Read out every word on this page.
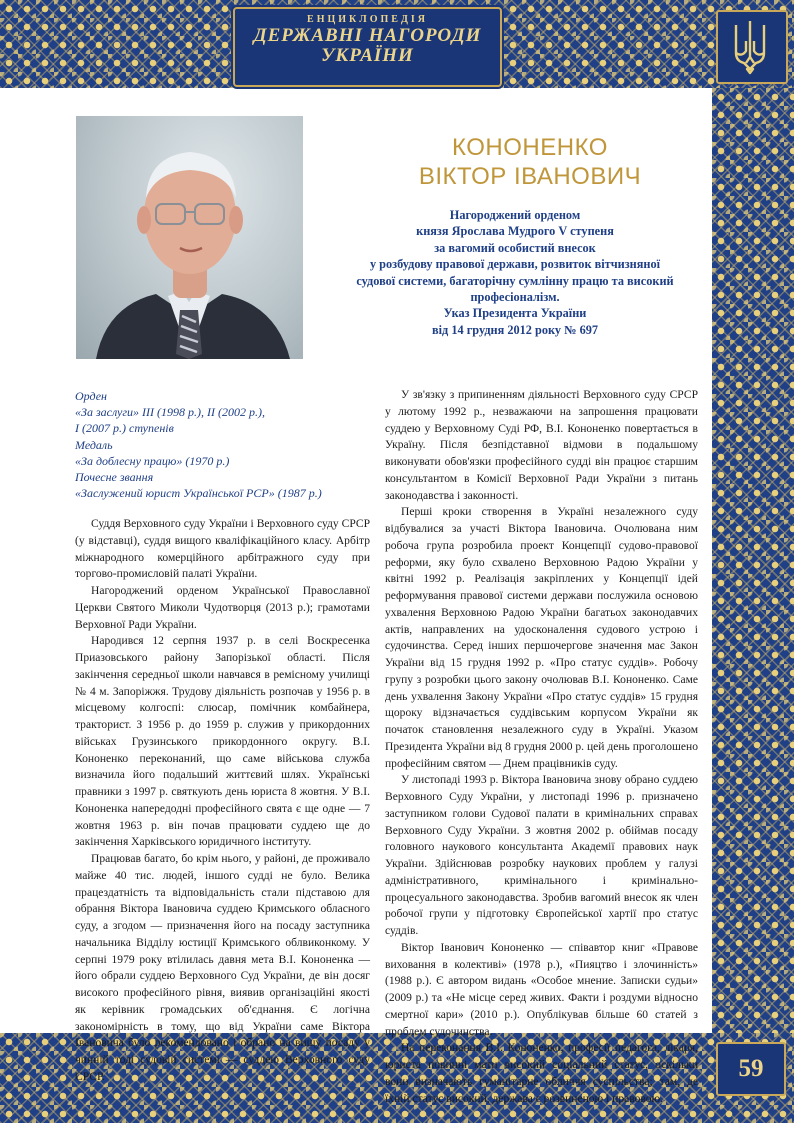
ЕНЦИКЛОПЕДІЯ
ДЕРЖАВНІ НАГОРОДИ
УКРАЇНИ
КОНОНЕНКО
ВІКТОР ІВАНОВИЧ
Нагороджений орденом
князя Ярослава Мудрого V ступеня
за вагомий особистий внесок
у розбудову правової держави, розвиток вітчизняної
судової системи, багаторічну сумлінну працю та високий
професіоналізм.
Указ Президента України
від 14 грудня 2012 року № 697
Орден
«За заслуги» III (1998 р.), II (2002 р.),
I (2007 р.) ступенів
Медаль
«За доблесну працю» (1970 р.)
Почесне звання
«Заслужений юрист Української РСР» (1987 р.)

Суддя Верховного суду України і Верховного суду СРСР (у відставці), суддя вищого кваліфікаційного класу. Арбітр міжнародного комерційного арбітражного суду при торгово-промисловій палаті України.

Нагороджений орденом Української Православної Церкви Святого Миколи Чудотворця (2013 р.); грамотами Верховної Ради України.

Народився 12 серпня 1937 р. в селі Воскресенка Приазовського району Запорізької області. Після закінчення середньої школи навчався в ремісному училищі № 4 м. Запоріжжя. Трудову діяльність розпочав у 1956 р. в місцевому колгоспі: слюсар, помічник комбайнера, тракторист. З 1956 р. до 1959 р. служив у прикордонних військах Грузинського прикордонного округу. В.І. Кононенко переконаний, що саме військова служба визначила його подальший життєвий шлях. Українські правники з 1997 р. святкують день юриста 8 жовтня. У В.І. Кононенка напередодні професійного свята є ще одне — 7 жовтня 1963 р. він почав працювати суддею ще до закінчення Харківського юридичного інституту.

Працював багато, бо крім нього, у районі, де проживало майже 40 тис. людей, іншого судді не було. Велика працездатність та відповідальність стали підставою для обрання Віктора Івановича суддею Кримського обласного суду, а згодом — призначення його на посаду заступника начальника Відділу юстиції Кримського облвиконкому. У серпні 1979 року втілилась давня мета В.І. Кононенка — його обрали суддею Верховного Суд України, де він досяг високого професійного рівня, виявив організаційні якості як керівник громадських об'єднання. Є логічна закономірність в тому, що від України саме Віктора Івановича було рекомендовано і обрано на вищу посаду у чинній тоді судовій системі — суддею Верховного суду СРСР.

У зв'язку з припиненням діяльності Верховного суду СРСР у лютому 1992 р., незважаючи на запрошення працювати суддею у Верховному Суді РФ, В.І. Кононенко повертається в Україну. Після безпідставної відмови в подальшому виконувати обов'язки професійного судді він працює старшим консультантом в Комісії Верховної Ради України з питань законодавства і законності.

Перші кроки створення в Україні незалежного суду відбувалися за участі Віктора Івановича. Очолювана ним робоча група розробила проект Концепції судово-правової реформи, яку було схвалено Верховною Радою України у квітні 1992 р. Реалізація закріплених у Концепції ідей реформування правової системи держави послужила основою ухвалення Верховною Радою України багатьох законодавчих актів, направлених на удосконалення судового устрою і судочинства. Серед інших першочергове значення має Закон України від 15 грудня 1992 р. «Про статус суддів». Робочу групу з розробки цього закону очолював В.І. Кононенко. Саме день ухвалення Закону України «Про статус суддів» 15 грудня щороку відзначається суддівським корпусом України як початок становлення незалежного суду в Україні. Указом Президента України від 8 грудня 2000 р. цей день проголошено професійним святом — Днем працівників суду.

У листопаді 1993 р. Віктора Івановича знову обрано суддею Верховного Суду України, у листопаді 1996 р. призначено заступником голови Судової палати в кримінальних справах Верховного Суду України. З жовтня 2002 р. обіймав посаду головного наукового консультанта Академії правових наук України. Здійснював розробку наукових проблем у галузі адміністративного, кримінального і кримінально-процесуального законодавства. Зробив вагомий внесок як член робочої групи у підготовку Європейської хартії про статус суддів.

Віктор Іванович Кононенко — співавтор книг «Правове виховання в колективі» (1978 р.), «Пияцтво і злочинність» (1988 р.). Є автором видань «Особое мнение. Записки судьи» (2009 р.) та «Не місце серед живих. Факти і роздуми відносно смертної кари» (2010 р.). Опублікував більше 60 статей з проблем судочинства.

На переконання В.І. Кононенко, професії педагога, лікаря, юриста повинні мати високий соціальний статус, оскільки вони визначають гуманітарне обличчя суспільства; там, де їхній статус високий, держава є розвиненою і правовою.

59
